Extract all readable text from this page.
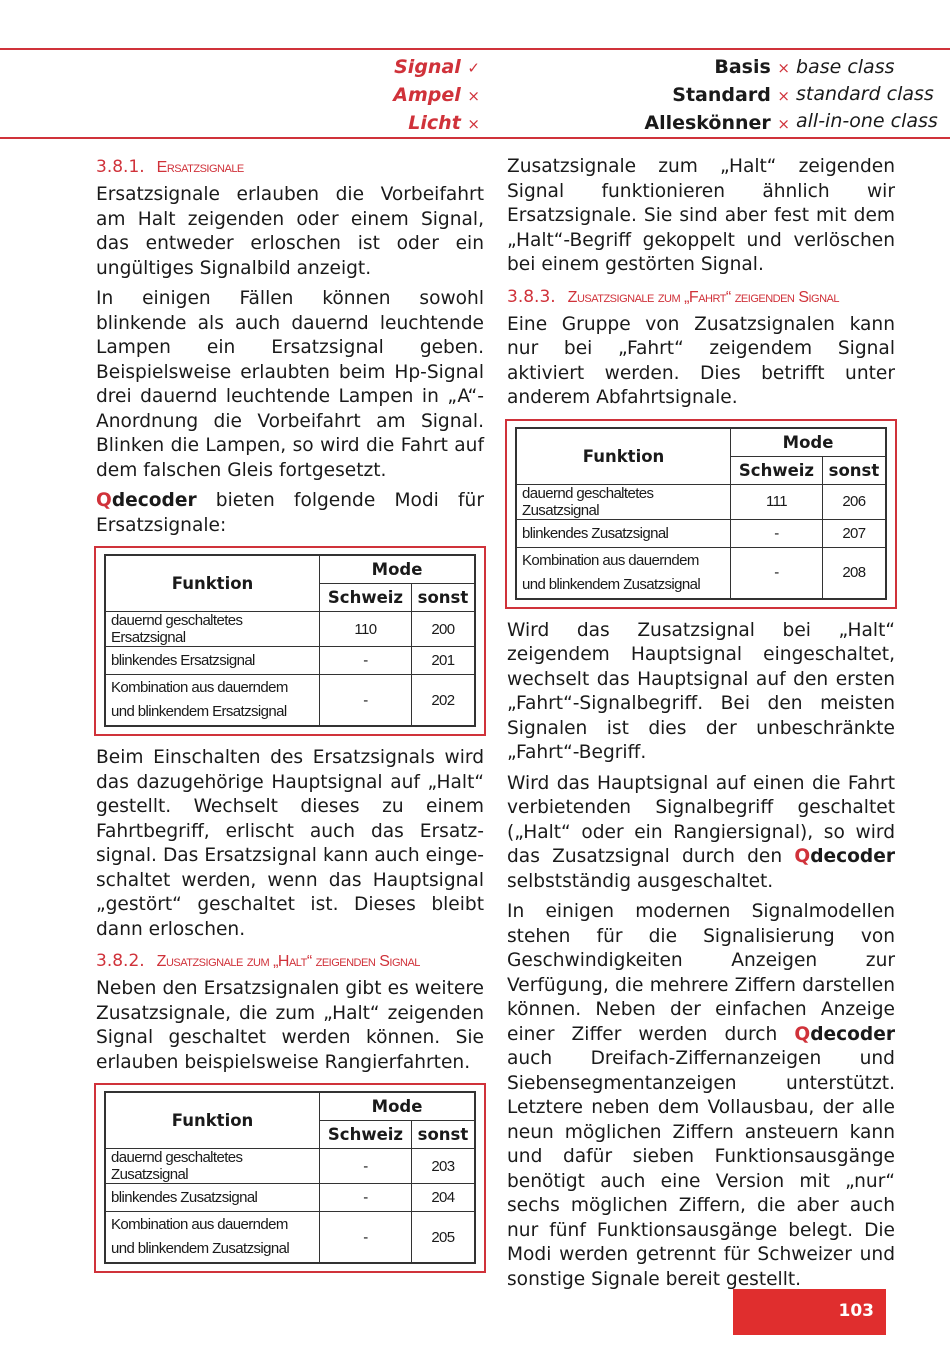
Signal ✓
Ampel ×
Licht ×
Basis ×
Standard ×
Alleskönner ×
base class
standard class
all-in-one class
3.8.1. Ersatzsignale

Ersatzsignale erlauben die Vorbeifahrt am Halt zeigenden oder einem Signal, das entweder erloschen ist oder ein ungültiges Signalbild anzeigt.

In einigen Fällen können sowohl blinkende als auch dauernd leuchtende Lampen ein Ersatzsignal geben. Beispielsweise erlaubten beim Hp-Signal drei dauernd leuchtende Lampen in „A“-Anordnung die Vorbeifahrt am Signal. Blinken die Lampen, so wird die Fahrt auf dem falschen Gleis fortgesetzt.

Qdecoder bieten folgende Modi für Ersatzsignale:

Funktion	Mode	
	Schweiz	sonst
dauernd geschaltetes Ersatzsignal	110	200
blinkendes Ersatzsignal	-	201
Kombination aus dauerndem und blinkendem Ersatzsignal	-	202

Beim Einschalten des Ersatzsignals wird das dazugehörige Hauptsignal auf „Halt“ gestellt. Wechselt dieses zu einem Fahrtbegriff, erlischt auch das Ersatzsignal. Das Ersatzsignal kann auch eingeschaltet werden, wenn das Hauptsignal „gestört“ geschaltet ist. Dieses bleibt dann erloschen.

3.8.2. Zusatzsignale zum „Halt“ zeigenden Signal

Neben den Ersatzsignalen gibt es weitere Zusatzsignale, die zum „Halt“ zeigenden Signal geschaltet werden können. Sie erlauben beispielsweise Rangierfahrten.

Funktion	Mode	
	Schweiz	sonst
dauernd geschaltetes Zusatzsignal	-	203
blinkendes Zusatzsignal	-	204
Kombination aus dauerndem und blinkendem Zusatzsignal	-	205

Zusatzsignale zum „Halt“ zeigenden Signal funktionieren ähnlich wir Ersatzsignale. Sie sind aber fest mit dem „Halt“-Begriff gekoppelt und verlöschen bei einem gestörten Signal.

3.8.3. Zusatzsignale zum „Fahrt“ zeigenden Signal

Eine Gruppe von Zusatzsignalen kann nur bei „Fahrt“ zeigendem Signal aktiviert werden. Dies betrifft unter anderem Abfahrtsignale.

Funktion	Mode	
	Schweiz	sonst
dauernd geschaltetes Zusatzsignal	111	206
blinkendes Zusatzsignal	-	207
Kombination aus dauerndem und blinkendem Zusatzsignal	-	208

Wird das Zusatzsignal bei „Halt“ zeigendem Hauptsignal eingeschaltet, wechselt das Hauptsignal auf den ersten „Fahrt“-Signalbegriff. Bei den meisten Signalen ist dies der unbeschränkte „Fahrt“-Begriff.

Wird das Hauptsignal auf einen die Fahrt verbietenden Signalbegriff geschaltet („Halt“ oder ein Rangiersignal), so wird das Zusatzsignal durch den Qdecoder selbstständig ausgeschaltet.

In einigen modernen Signalmodellen stehen für die Signalisierung von Geschwindigkeiten Anzeigen zur Verfügung, die mehrere Ziffern darstellen können. Neben der einfachen Anzeige einer Ziffer werden durch Qdecoder auch Dreifach-Ziffernanzeigen und Siebensegmentanzeigen unterstützt. Letztere neben dem Vollausbau, der alle neun möglichen Ziffern ansteuern kann und dafür sieben Funktionsausgänge benötigt auch eine Version mit „nur“ sechs möglichen Ziffern, die aber auch nur fünf Funktionsausgänge belegt. Die Modi werden getrennt für Schweizer und sonstige Signale bereit gestellt.

103
